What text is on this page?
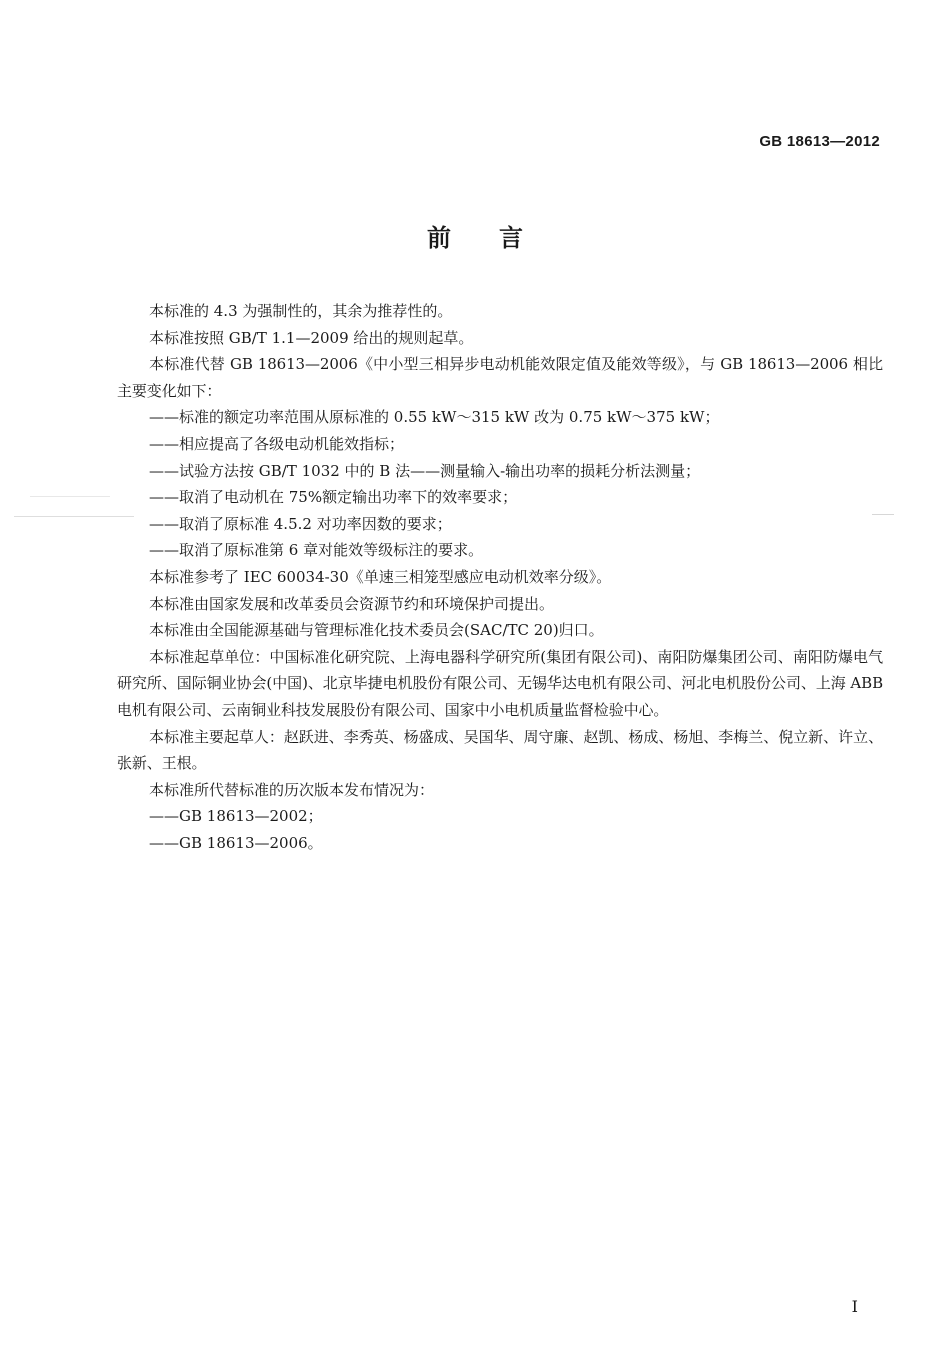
GB 18613—2012
前言

本标准的 4.3 为强制性的，其余为推荐性的。

本标准按照 GB/T 1.1—2009 给出的规则起草。

本标准代替 GB 18613—2006《中小型三相异步电动机能效限定值及能效等级》，与 GB 18613—2006 相比主要变化如下：

——标准的额定功率范围从原标准的 0.55 kW～315 kW 改为 0.75 kW～375 kW；

——相应提高了各级电动机能效指标；

——试验方法按 GB/T 1032 中的 B 法——测量输入-输出功率的损耗分析法测量；

——取消了电动机在 75%额定输出功率下的效率要求；

——取消了原标准 4.5.2 对功率因数的要求；

——取消了原标准第 6 章对能效等级标注的要求。

本标准参考了 IEC 60034-30《单速三相笼型感应电动机效率分级》。

本标准由国家发展和改革委员会资源节约和环境保护司提出。

本标准由全国能源基础与管理标准化技术委员会(SAC/TC 20)归口。

本标准起草单位：中国标准化研究院、上海电器科学研究所(集团有限公司)、南阳防爆集团公司、南阳防爆电气研究所、国际铜业协会(中国)、北京毕捷电机股份有限公司、无锡华达电机有限公司、河北电机股份公司、上海 ABB 电机有限公司、云南铜业科技发展股份有限公司、国家中小电机质量监督检验中心。

本标准主要起草人：赵跃进、李秀英、杨盛成、吴国华、周守廉、赵凯、杨成、杨旭、李梅兰、倪立新、许立、张新、王根。

本标准所代替标准的历次版本发布情况为：

——GB 18613—2002；

——GB 18613—2006。

I
